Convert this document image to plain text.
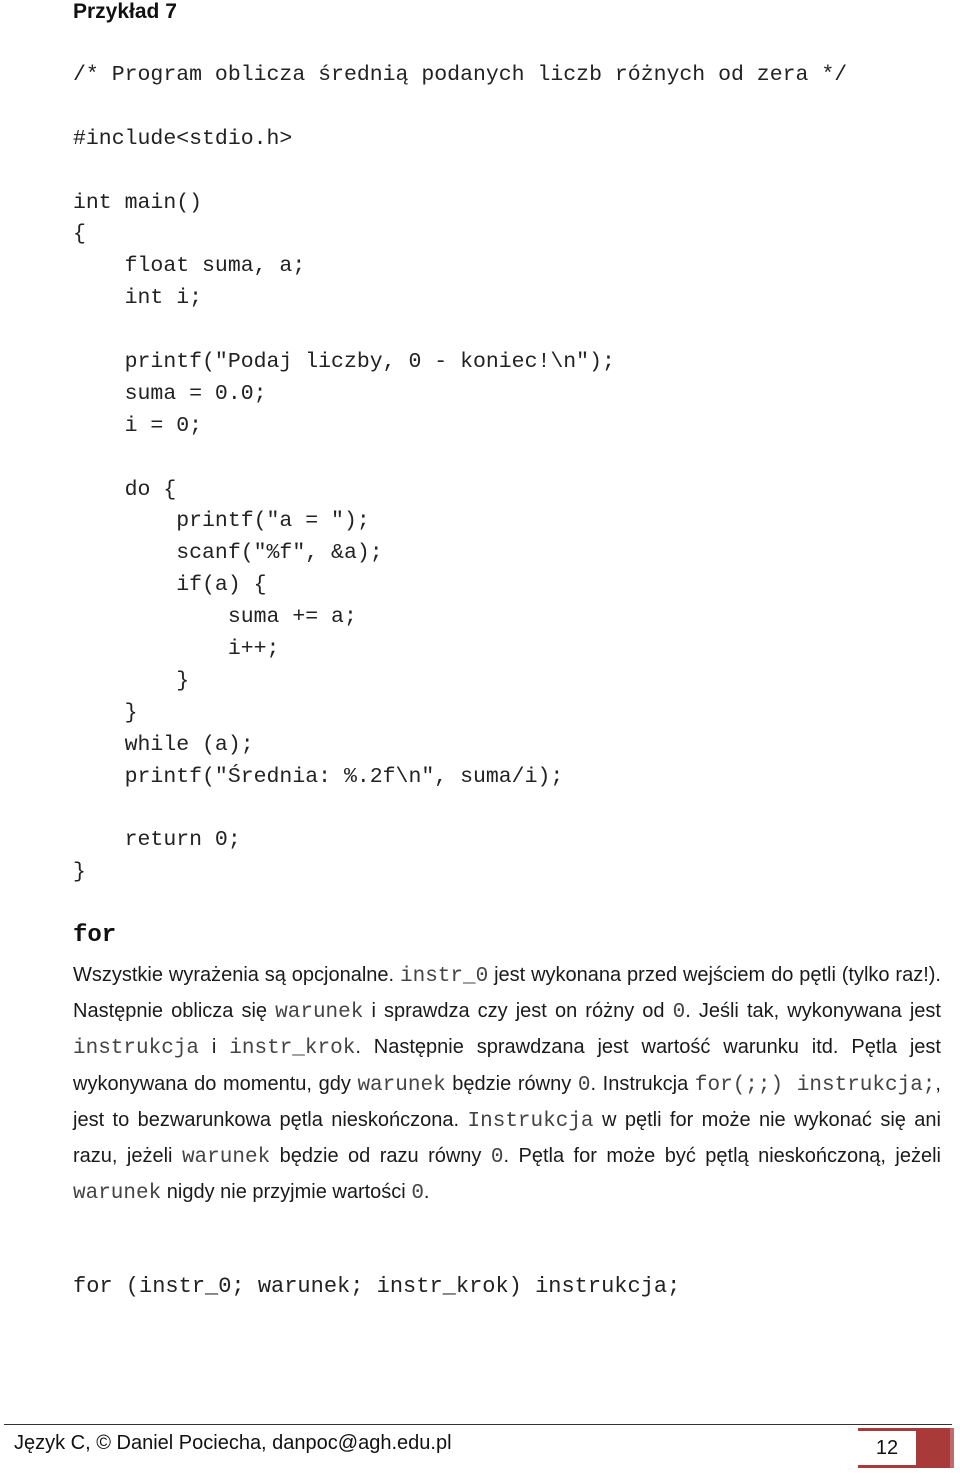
Przykład 7
/* Program oblicza średnią podanych liczb różnych od zera */
#include<stdio.h>
int main()
{
float suma, a;
int i;
printf("Podaj liczby, 0 - koniec!\n");
suma = 0.0;
i = 0;
do {
printf("a = ");
scanf("%f", &a);
if(a) {
suma += a;
i++;
}
}
while (a);
printf("Średnia: %.2f\n", suma/i);
return 0;
}
for
Wszystkie wyrażenia są opcjonalne. instr_0 jest wykonana przed wejściem do pętli (tylko raz!). Następnie oblicza się warunek i sprawdza czy jest on różny od 0. Jeśli tak, wykonywana jest instrukcja i instr_krok. Następnie sprawdzana jest wartość warunku itd. Pętla jest wykonywana do momentu, gdy warunek będzie równy 0. Instrukcja for(;;) instrukcja;, jest to bezwarunkowa pętla nieskończona. Instrukcja w pętli for może nie wykonać się ani razu, jeżeli warunek będzie od razu równy 0. Pętla for może być pętlą nieskończoną, jeżeli warunek nigdy nie przyjmie wartości 0.
for (instr_0; warunek; instr_krok) instrukcja;
Język C, © Daniel Pociecha, danpoc@agh.edu.pl	12
